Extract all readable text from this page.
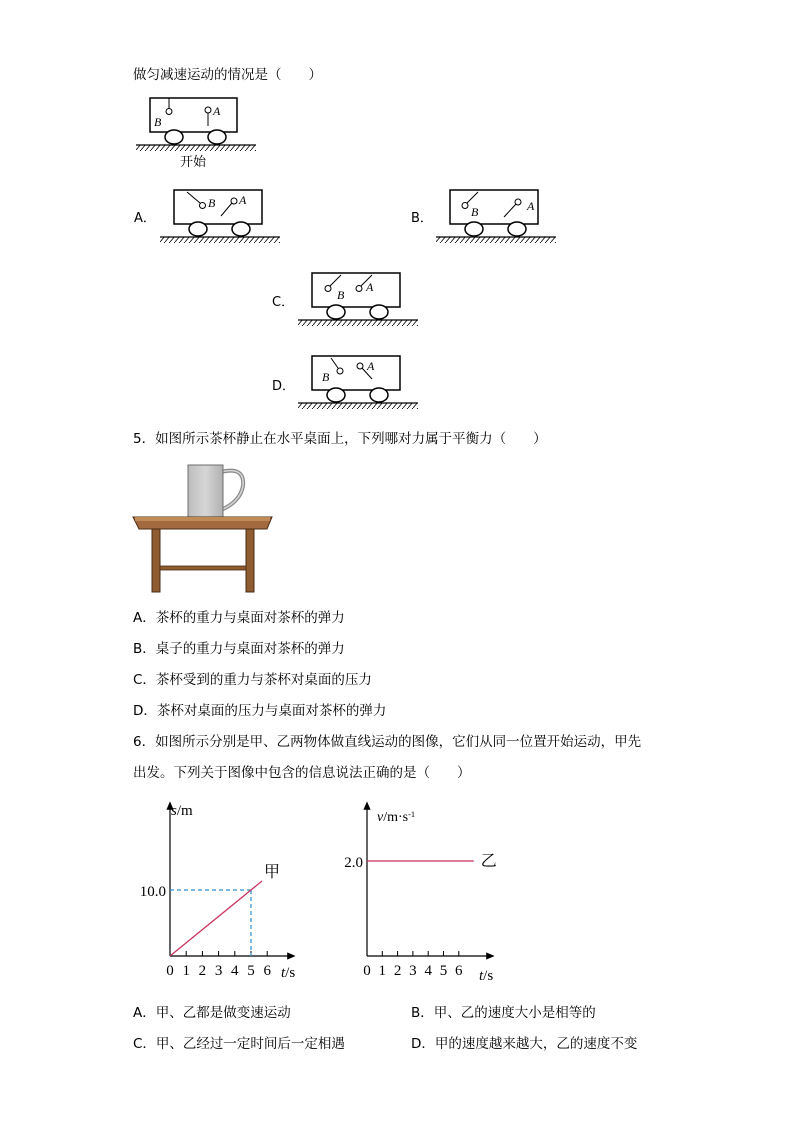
做匀减速运动的情况是（　　）
B
A
开始
A．
B A
B．	B	A
C．	B
A
D．
B
A
5．如图所示茶杯静止在水平桌面上，下列哪对力属于平衡力（　　）
A．茶杯的重力与桌面对茶杯的弹力
B．桌子的重力与桌面对茶杯的弹力
C．茶杯受到的重力与茶杯对桌面的压力
D．茶杯对桌面的压力与桌面对茶杯的弹力
6．如图所示分别是甲、乙两物体做直线运动的图像，它们从同一位置开始运动，甲先
出发。下列关于图像中包含的信息说法正确的是（　　）
0 1 2 3 4 5 6
s/m
t/s
10.0
甲
0 1 2 3 4 5 6
$v/m\cdot s^{-1}$
t/s
2.0	乙
A．甲、乙都是做变速运动	B．甲、乙的速度大小是相等的
C．甲、乙经过一定时间后一定相遇	D．甲的速度越来越大，乙的速度不变
